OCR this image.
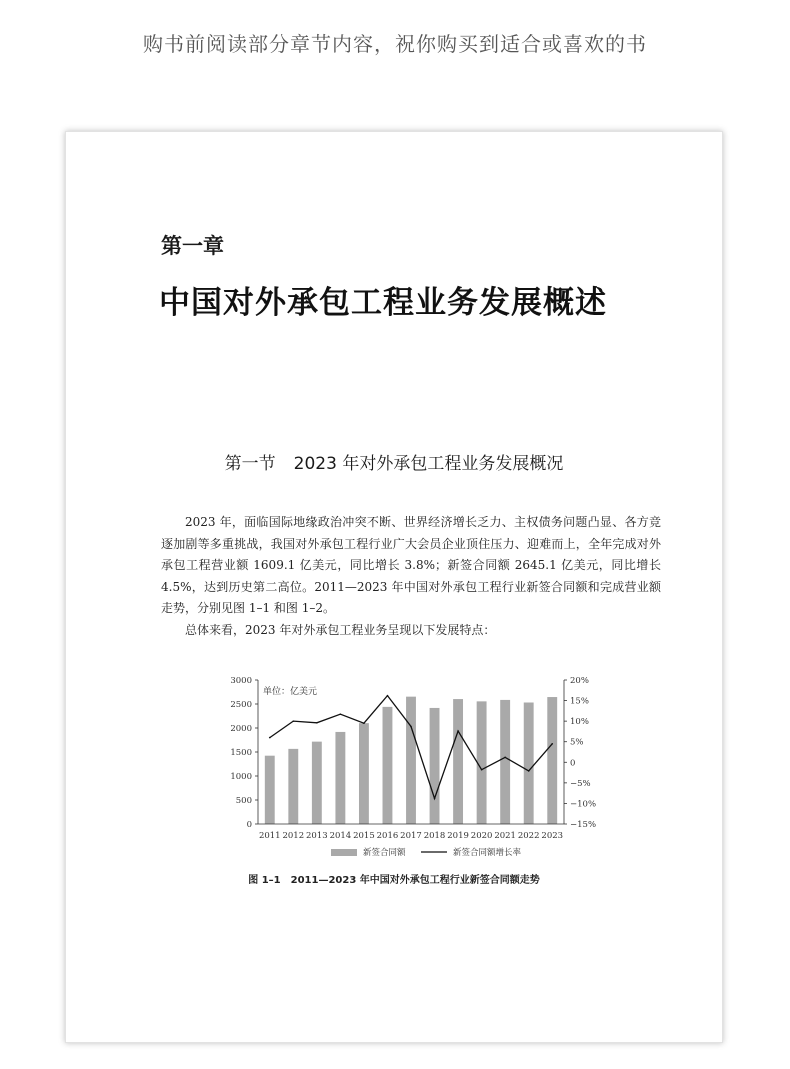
购书前阅读部分章节内容，祝你购买到适合或喜欢的书
第一章
中国对外承包工程业务发展概述
第一节 2023 年对外承包工程业务发展概况

2023 年，面临国际地缘政治冲突不断、世界经济增长乏力、主权债务问题凸显、各方竞逐加剧等多重挑战，我国对外承包工程行业广大会员企业顶住压力、迎难而上，全年完成对外承包工程营业额 1609.1 亿美元，同比增长 3.8%；新签合同额 2645.1 亿美元，同比增长 4.5%，达到历史第二高位。2011—2023 年中国对外承包工程行业新签合同额和完成营业额走势，分别见图 1–1 和图 1–2。

总体来看，2023 年对外承包工程业务呈现以下发展特点：

0
500
1000
1500
2000
2500
3000
−15%
−10%
−5%
0
5%
10%
15%
20%
2011 2012 2013 2014 2015 2016 2017 2018 2019 2020 2021 2022 2023
单位：亿美元
新签合同额	新签合同额增长率
图 1–1　2011—2023 年中国对外承包工程行业新签合同额走势
